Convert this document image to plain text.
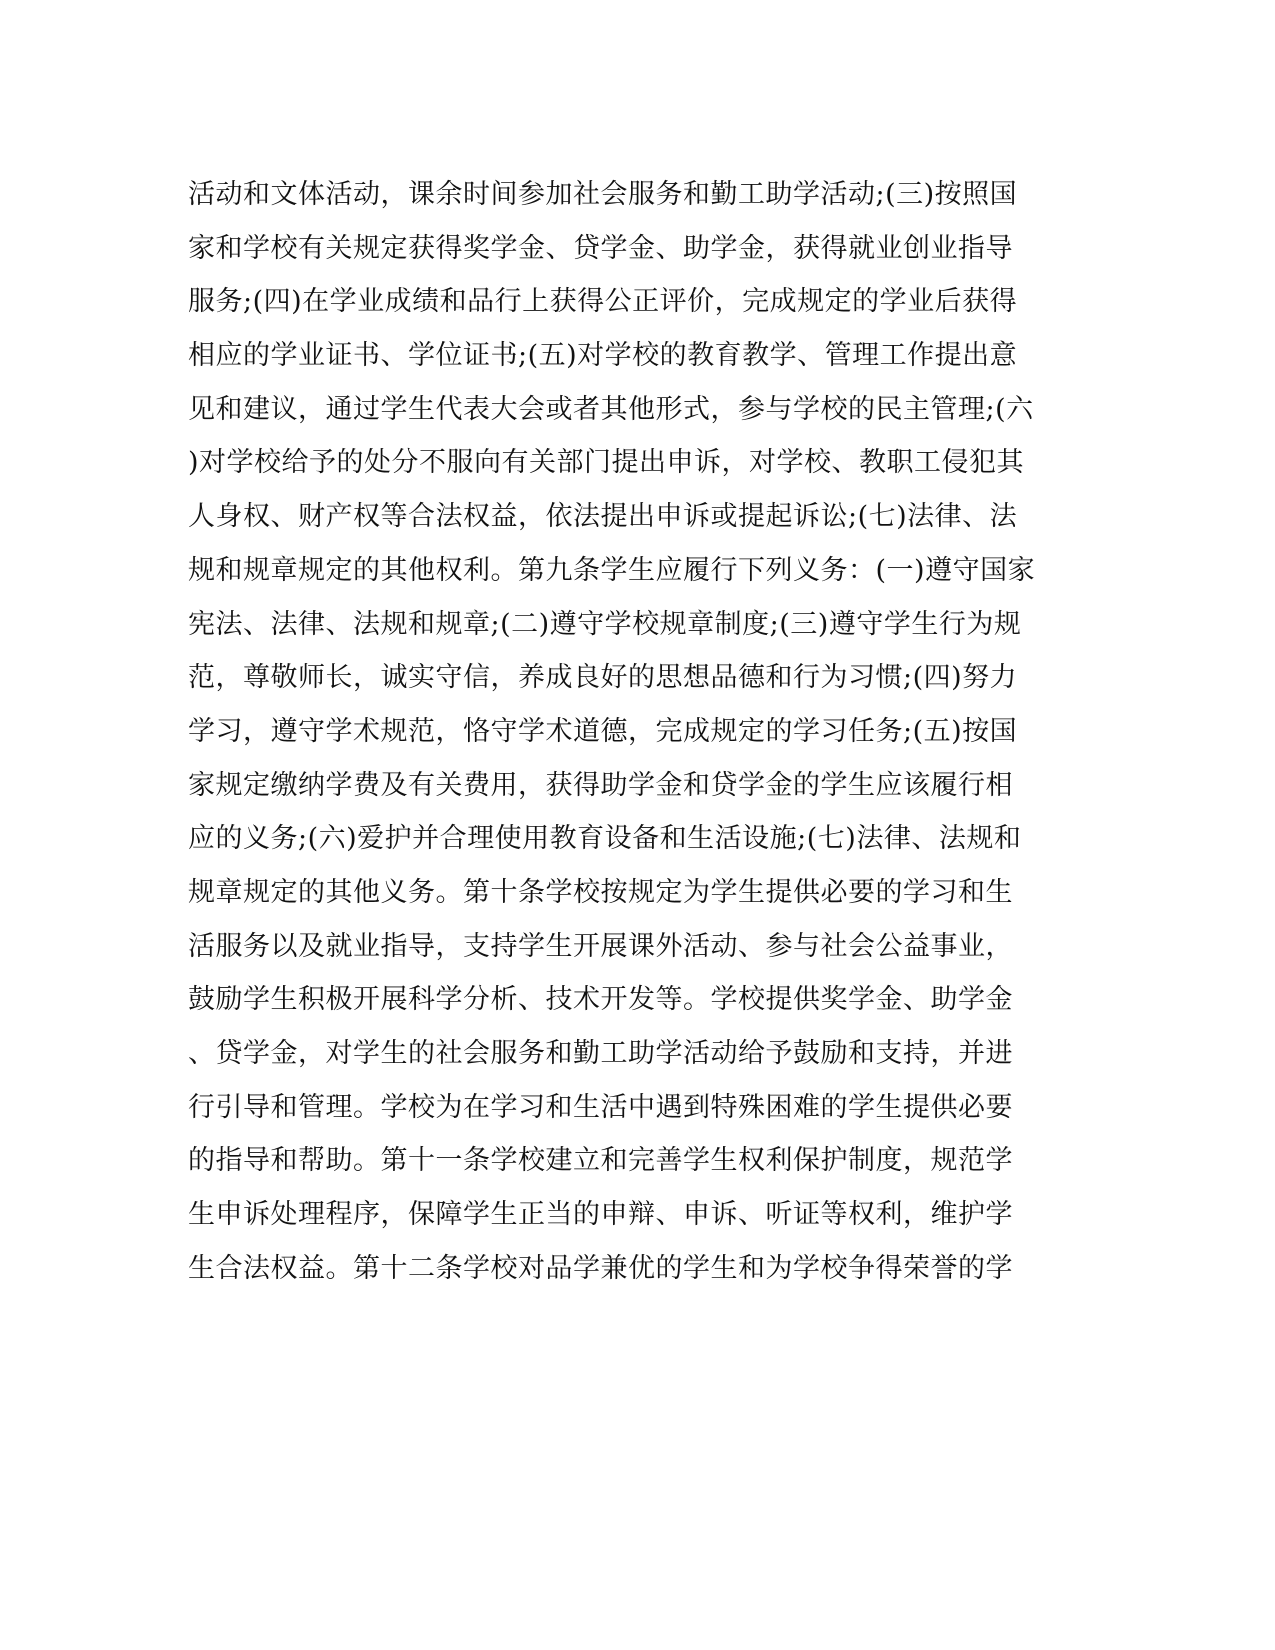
活动和文体活动，课余时间参加社会服务和勤工助学活动;(三)按照国
家和学校有关规定获得奖学金、贷学金、助学金，获得就业创业指导
服务;(四)在学业成绩和品行上获得公正评价，完成规定的学业后获得
相应的学业证书、学位证书;(五)对学校的教育教学、管理工作提出意
见和建议，通过学生代表大会或者其他形式，参与学校的民主管理;(六
)对学校给予的处分不服向有关部门提出申诉，对学校、教职工侵犯其
人身权、财产权等合法权益，依法提出申诉或提起诉讼;(七)法律、法
规和规章规定的其他权利。第九条学生应履行下列义务：(一)遵守国家
宪法、法律、法规和规章;(二)遵守学校规章制度;(三)遵守学生行为规
范，尊敬师长，诚实守信，养成良好的思想品德和行为习惯;(四)努力
学习，遵守学术规范，恪守学术道德，完成规定的学习任务;(五)按国
家规定缴纳学费及有关费用，获得助学金和贷学金的学生应该履行相
应的义务;(六)爱护并合理使用教育设备和生活设施;(七)法律、法规和
规章规定的其他义务。第十条学校按规定为学生提供必要的学习和生
活服务以及就业指导，支持学生开展课外活动、参与社会公益事业，
鼓励学生积极开展科学分析、技术开发等。学校提供奖学金、助学金
、贷学金，对学生的社会服务和勤工助学活动给予鼓励和支持，并进
行引导和管理。学校为在学习和生活中遇到特殊困难的学生提供必要
的指导和帮助。第十一条学校建立和完善学生权利保护制度，规范学
生申诉处理程序，保障学生正当的申辩、申诉、听证等权利，维护学
生合法权益。第十二条学校对品学兼优的学生和为学校争得荣誉的学
